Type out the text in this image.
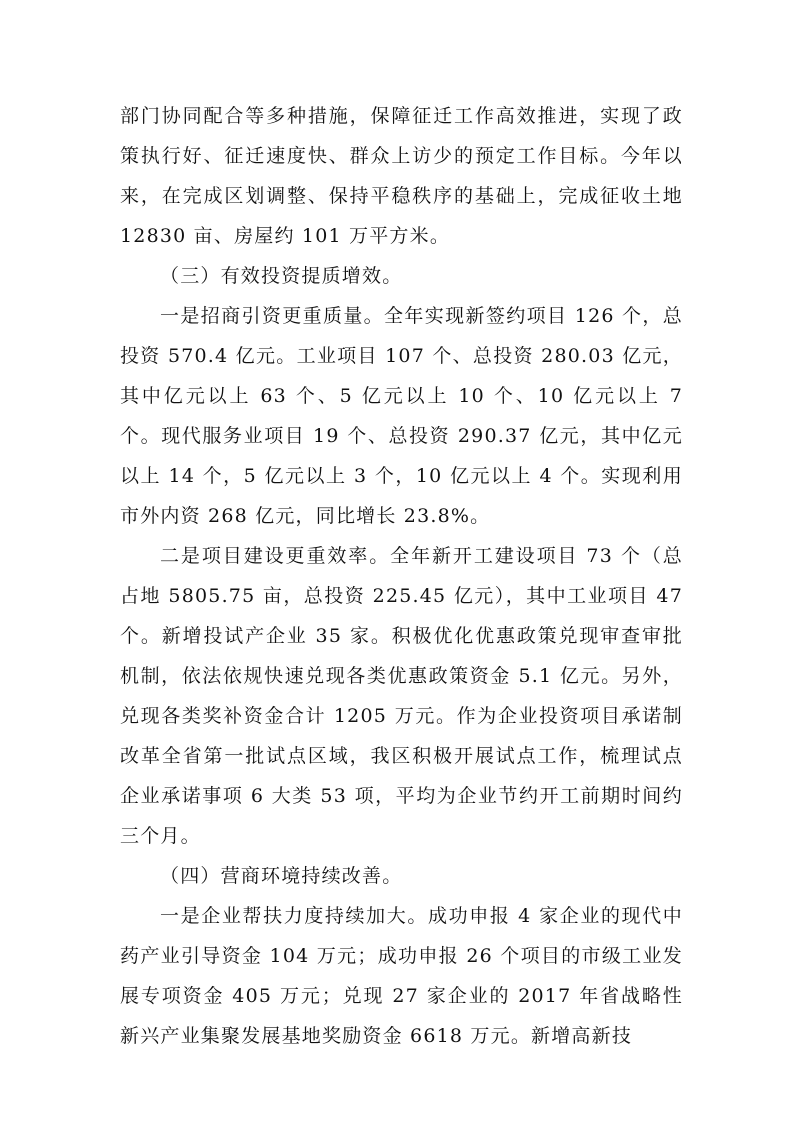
部门协同配合等多种措施，保障征迁工作高效推进，实现了政策执行好、征迁速度快、群众上访少的预定工作目标。今年以来，在完成区划调整、保持平稳秩序的基础上，完成征收土地 12830 亩、房屋约 101 万平方米。

（三）有效投资提质增效。

一是招商引资更重质量。全年实现新签约项目 126 个，总投资 570.4 亿元。工业项目 107 个、总投资 280.03 亿元，其中亿元以上 63 个、5 亿元以上 10 个、10 亿元以上 7 个。现代服务业项目 19 个、总投资 290.37 亿元，其中亿元以上 14 个，5 亿元以上 3 个，10 亿元以上 4 个。实现利用市外内资 268 亿元，同比增长 23.8%。

二是项目建设更重效率。全年新开工建设项目 73 个（总占地 5805.75 亩，总投资 225.45 亿元），其中工业项目 47 个。新增投试产企业 35 家。积极优化优惠政策兑现审查审批机制，依法依规快速兑现各类优惠政策资金 5.1 亿元。另外，兑现各类奖补资金合计 1205 万元。作为企业投资项目承诺制改革全省第一批试点区域，我区积极开展试点工作，梳理试点企业承诺事项 6 大类 53 项，平均为企业节约开工前期时间约三个月。

（四）营商环境持续改善。

一是企业帮扶力度持续加大。成功申报 4 家企业的现代中药产业引导资金 104 万元；成功申报 26 个项目的市级工业发展专项资金 405 万元；兑现 27 家企业的 2017 年省战略性新兴产业集聚发展基地奖励资金 6618 万元。新增高新技
